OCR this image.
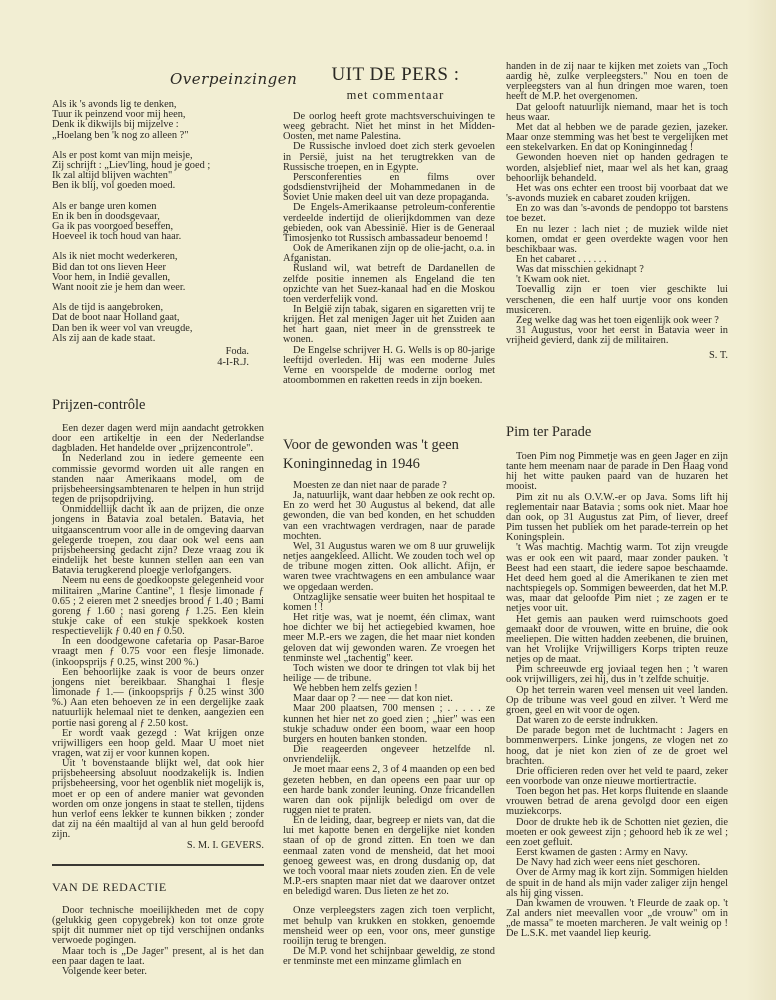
Overpeinzingen
Als ik 's avonds lig te denken,
Tuur ik peinzend voor mij heen,
Denk ik dikwijls bij mijzelve :
„Hoelang ben 'k nog zo alleen ?"
Als er post komt van mijn meisje,
Zij schrijft : „Liev'ling, houd je goed ;
Ik zal altijd blijven wachten"
Ben ik blij, vol goeden moed.
Als er bange uren komen
En ik ben in doodsgevaar,
Ga ik pas voorgoed beseffen,
Hoeveel ik toch houd van haar.
Als ik niet mocht wederkeren,
Bid dan tot ons lieven Heer
Voor hem, in Indië gevallen,
Want nooit zie je hem dan weer.
Als de tijd is aangebroken,
Dat de boot naar Holland gaat,
Dan ben ik weer vol van vreugde,
Als zij aan de kade staat.
Foda.
4-I-R.J.
Prijzen-contrôle

Een dezer dagen werd mijn aandacht getrokken door een artikeltje in een der Nederlandse dagbladen. Het handelde over „prijzencontrole".

In Nederland zou in iedere gemeente een commissie gevormd worden uit alle rangen en standen naar Amerikaans model, om de prijsbeheersingsambtenaren te helpen in hun strijd tegen de prijsopdrijving.

Onmiddellijk dacht ik aan de prijzen, die onze jongens in Batavia zoal betalen. Batavia, het uitgaanscentrum voor alle in de omgeving daarvan gelegerde troepen, zou daar ook wel eens aan prijsbeheersing gedacht zijn? Deze vraag zou ik eindelijk het beste kunnen stellen aan een van Batavia terugkerend ploegje verlofgangers.

Neem nu eens de goedkoopste gelegenheid voor militairen „Marine Cantine", 1 flesje limonade ƒ 0.65 ; 2 eieren met 2 sneedjes brood ƒ 1.40 ; Bami goreng ƒ 1.60 ; nasi goreng ƒ 1.25. Een klein stukje cake of een stukje spekkoek kosten respectievelijk ƒ 0.40 en ƒ 0.50.

In een doodgewone cafetaria op Pasar-Baroe vraagt men ƒ 0.75 voor een flesje limonade. (inkoopsprijs ƒ 0.25, winst 200 %.)

Een behoorlijke zaak is voor de beurs onzer jongens niet bereikbaar. Shanghai 1 flesje limonade ƒ 1.— (inkoopsprijs ƒ 0.25 winst 300 %.) Aan eten behoeven ze in een dergelijke zaak natuurlijk helemaal niet te denken, aangezien een portie nasi goreng al ƒ 2.50 kost.

Er wordt vaak gezegd : Wat krijgen onze vrijwilligers een hoop geld. Maar U moet niet vragen, wat zij er voor kunnen kopen.

Uit 't bovenstaande blijkt wel, dat ook hier prijsbeheersing absoluut noodzakelijk is. Indien prijsbeheersing, voor het ogenblik niet mogelijk is, moet er op een of andere manier wat gevonden worden om onze jongens in staat te stellen, tijdens hun verlof eens lekker te kunnen bikken ; zonder dat zij na één maaltijd al van al hun geld beroofd zijn.

S. M. I. GEVERS.
VAN DE REDACTIE

Door technische moeilijkheden met de copy (gelukkig geen copygebrek) kon tot onze grote spijt dit nummer niet op tijd verschijnen ondanks verwoede pogingen.

Maar toch is „De Jager" present, al is het dan een paar dagen te laat.

Volgende keer beter.

UIT DE PERS :
met commentaar

De oorlog heeft grote machtsverschuivingen te weeg gebracht. Niet het minst in het Midden-Oosten, met name Palestina.

De Russische invloed doet zich sterk gevoelen in Persië, juist na het terugtrekken van de Russische troepen, en in Egypte.

Persconferenties en films over godsdienstvrijheid der Mohammedanen in de Soviet Unie maken deel uit van deze propaganda.

De Engels-Amerikaanse petroleum-conferentie verdeelde indertijd de olierijkdommen van deze gebieden, ook van Abessinië. Hier is de Generaal Timosjenko tot Russisch ambassadeur benoemd !

Ook de Amerikanen zijn op de olie-jacht, o.a. in Afganistan.

Rusland wil, wat betreft de Dardanellen de zelfde positie innemen als Engeland die ten opzichte van het Suez-kanaal had en die Moskou toen verderfelijk vond.

In België zijn tabak, sigaren en sigaretten vrij te krijgen. Het zal menigen Jager uit het Zuiden aan het hart gaan, niet meer in de grensstreek te wonen.

De Engelse schrijver H. G. Wells is op 80-jarige leeftijd overleden. Hij was een moderne Jules Verne en voorspelde de moderne oorlog met atoombommen en raketten reeds in zijn boeken.

Voor de gewonden was 't geen
Koninginnedag in 1946

Moesten ze dan niet naar de parade ?

Ja, natuurlijk, want daar hebben ze ook recht op. En zo werd het 30 Augustus al bekend, dat alle gewonden, die van bed konden, en het schudden van een vrachtwagen verdragen, naar de parade mochten.

Wel, 31 Augustus waren we om 8 uur gruwelijk netjes aangekleed. Allicht. We zouden toch wel op de tribune mogen zitten. Ook allicht. Afijn, er waren twee vrachtwagens en een ambulance waar we opgedaan werden.

Ontzaglijke sensatie weer buiten het hospitaal te komen ! !

Het ritje was, wat je noemt, één climax, want hoe dichter we bij het actiegebied kwamen, hoe meer M.P.-ers we zagen, die het maar niet konden geloven dat wij gewonden waren. Ze vroegen het tenminste wel „tachentig" keer.

Toch wisten we door te dringen tot vlak bij het heilige — de tribune.

We hebben hem zelfs gezien !

Maar daar op ? — nee — dat kon niet.

Maar 200 plaatsen, 700 mensen ; . . . . . ze kunnen het hier net zo goed zien ; „hier" was een stukje schaduw onder een boom, waar een hoop burgers en houten banken stonden.

Die reageerden ongeveer hetzelfde nl. onvriendelijk.

Je moet maar eens 2, 3 of 4 maanden op een bed gezeten hebben, en dan opeens een paar uur op een harde bank zonder leuning. Onze fricandellen waren dan ook pijnlijk beledigd om over de ruggen niet te praten.

En de leiding, daar, begreep er niets van, dat die lui met kapotte benen en dergelijke niet konden staan of op de grond zitten. En toen we dan eenmaal zaten vond de mensheid, dat het mooi genoeg geweest was, en drong dusdanig op, dat we toch vooral maar niets zouden zien. En de vele M.P.-ers snapten maar niet dat we daarover ontzet en beledigd waren. Dus lieten ze het zo.

Onze verpleegsters zagen zich toen verplicht, met behulp van krukken en stokken, genoemde mensheid weer op een, voor ons, meer gunstige rooilijn terug te brengen.

De M.P. vond het schijnbaar geweldig, ze stond er tenminste met een minzame glimlach en

handen in de zij naar te kijken met zoiets van „Toch aardig hè, zulke verpleegsters." Nou en toen de verpleegsters van al hun dringen moe waren, toen heeft de M.P. het overgenomen.

Dat gelooft natuurlijk niemand, maar het is toch heus waar.

Met dat al hebben we de parade gezien, jazeker. Maar onze stemming was het best te vergelijken met een stekelvarken. En dat op Koninginnedag !

Gewonden hoeven niet op handen gedragen te worden, alsjeblief niet, maar wel als het kan, graag behoorlijk behandeld.

Het was ons echter een troost bij voorbaat dat we 's-avonds muziek en cabaret zouden krijgen.

En zo was dan 's-avonds de pendoppo tot barstens toe bezet.

En nu lezer : lach niet ; de muziek wilde niet komen, omdat er geen overdekte wagen voor hen beschikbaar was.

En het cabaret . . . . . .

Was dat misschien gekidnapt ?

't Kwam ook niet.

Toevallig zijn er toen vier geschikte lui verschenen, die een half uurtje voor ons konden musiceren.

Zeg welke dag was het toen eigenlijk ook weer ?

31 Augustus, voor het eerst in Batavia weer in vrijheid gevierd, dank zij de militairen.

S. T.
Pim ter Parade

Toen Pim nog Pimmetje was en geen Jager en zijn tante hem meenam naar de parade in Den Haag vond hij het witte pauken paard van de huzaren het mooist.

Pim zit nu als O.V.W.-er op Java. Soms lift hij reglementair naar Batavia ; soms ook niet. Maar hoe dan ook, op 31 Augustus zat Pim, of liever, dreef Pim tussen het publiek om het parade-terrein op het Koningsplein.

't Was machtig. Machtig warm. Tot zijn vreugde was er ook een wit paard, maar zonder pauken. 't Beest had een staart, die iedere sapoe beschaamde. Het deed hem goed al die Amerikanen te zien met nachtspiegels op. Sommigen beweerden, dat het M.P. was, maar dat geloofde Pim niet ; ze zagen er te netjes voor uit.

Het gemis aan pauken werd ruimschoots goed gemaakt door de vrouwen, witte en bruine, die ook meeliepen. Die witten hadden zeebenen, die bruinen, van het Vrolijke Vrijwilligers Korps tripten reuze netjes op de maat.

Pim schreeuwde erg joviaal tegen hen ; 't waren ook vrijwilligers, zei hij, dus in 't zelfde schuitje.

Op het terrein waren veel mensen uit veel landen. Op de tribune was veel goud en zilver. 't Werd me groen, geel en wit voor de ogen.

Dat waren zo de eerste indrukken.

De parade begon met de luchtmacht : Jagers en bommenwerpers. Linke jongens, ze vlogen net zo hoog, dat je niet kon zien of ze de groet wel brachten.

Drie officieren reden over het veld te paard, zeker een voorbode van onze nieuwe mortiertractie.

Toen begon het pas. Het korps fluitende en slaande vrouwen betrad de arena gevolgd door een eigen muziekcorps.

Door de drukte heb ik de Schotten niet gezien, die moeten er ook geweest zijn ; gehoord heb ik ze wel ; een zoet gefluit.

Eerst kwamen de gasten : Army en Navy.

De Navy had zich weer eens niet geschoren.

Over de Army mag ik kort zijn. Sommigen hielden de spuit in de hand als mijn vader zaliger zijn hengel als hij ging vissen.

Dan kwamen de vrouwen. 't Fleurde de zaak op. 't Zal anders niet meevallen voor „de vrouw" om in „de massa" te moeten marcheren. Je valt weinig op ! De L.S.K. met vaandel liep keurig.
